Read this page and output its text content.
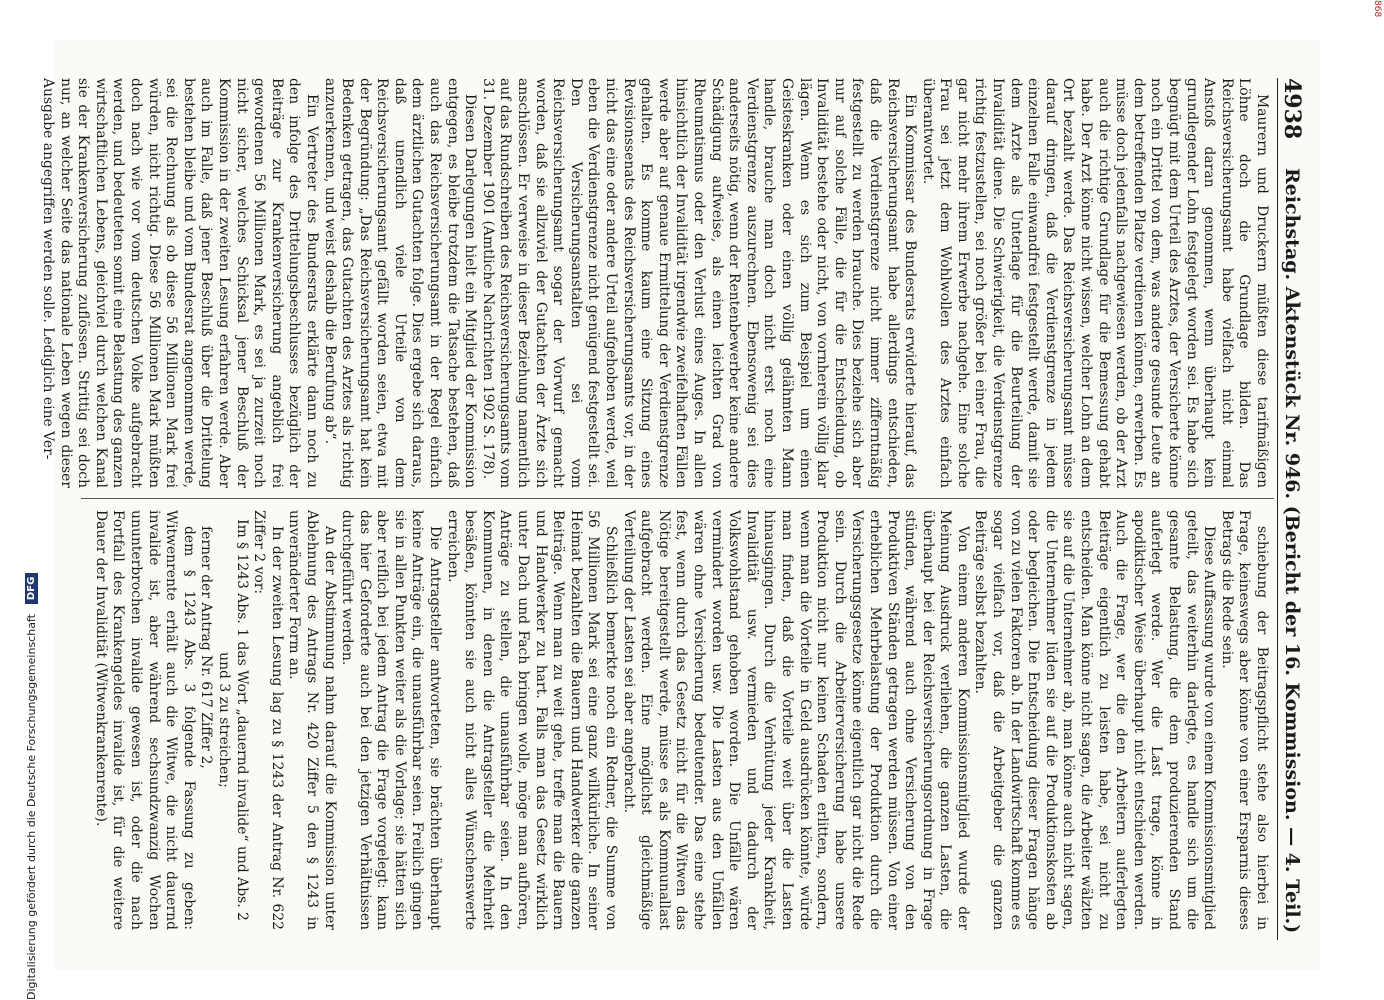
4938
Reichstag. Aktenstück Nr. 946. (Bericht der 16. Kommission. — 4. Teil.)

Maurern und Druckern müßten diese tarifmäßigen Löhne doch die Grundlage bilden. Das Reichsversicherungsamt habe vielfach nicht einmal Anstoß daran genommen, wenn überhaupt kein grundlegender Lohn festgelegt worden sei. Es habe sich begnügt mit dem Urteil des Arztes, der Versicherte könne noch ein Drittel von dem, was andere gesunde Leute an dem betreffenden Platze verdienen können, erwerben. Es müsse doch jedenfalls nachgewiesen werden, ob der Arzt auch die richtige Grundlage für die Bemessung gehabt habe. Der Arzt könne nicht wissen, welcher Lohn an dem Ort bezahlt werde. Das Reichsversicherungsamt müsse darauf dringen, daß die Verdienstgrenze in jedem einzelnen Falle einwandfrei festgestellt werde, damit sie dem Arzte als Unterlage für die Beurteilung der Invalidität diene. Die Schwierigkeit, die Verdienstgrenze richtig festzustellen, sei noch größer bei einer Frau, die gar nicht mehr ihrem Erwerbe nachgehe. Eine solche Frau sei jetzt dem Wohlwollen des Arztes einfach überantwortet.

Ein Kommissar des Bundesrats erwiderte hierauf, das Reichsversicherungsamt habe allerdings entschieden, daß die Verdienstgrenze nicht immer zifferntnäßig festgestellt zu werden brauche. Dies beziehe sich aber nur auf solche Fälle, die für die Entscheidung, ob Invalidität bestehe oder nicht, von vornherein völlig klar lägen. Wenn es sich zum Beispiel um einen Geisteskranken oder einen völlig gelähmten Mann handle, brauche man doch nicht erst noch eine Verdienstgrenze auszurechnen. Ebensowenig sei dies anderseits nötig, wenn der Rentenbewerber keine andere Schädigung aufweise, als einen leichten Grad von Rheumatismus oder den Verlust eines Auges. In allen hinsichtlich der Invalidität irgendwie zweifelhaften Fällen werde aber auf genaue Ermittelung der Verdienstgrenze gehalten. Es komme kaum eine Sitzung eines Revisionssenats des Reichsversicherungsamts vor, in der nicht das eine oder andere Urteil aufgehoben werde, weil eben die Verdienstgrenze nicht genügend festgestellt sei. Den Versicherungsanstalten sei vom Reichsversicherungsamt sogar der Vorwurf gemacht worden, daß sie allzuviel der Gutachten der Ärzte sich anschlössen. Er verweise in dieser Beziehung namentlich auf das Rundschreiben des Reichsversicherungsamts vom 31. Dezember 1901 (Amtliche Nachrichten 1902 S. 178).

Diesen Darlegungen hielt ein Mitglied der Kommission entgegen, es bleibe trotzdem die Tatsache bestehen, daß auch das Reichsversicherungsamt in der Regel einfach dem ärztlichen Gutachten folge. Dies ergebe sich daraus, daß unendlich viele Urteile von dem Reichsversicherungsamt gefällt worden seien, etwa mit der Begründung: „Das Reichsversicherungsamt hat kein Bedenken getragen, das Gutachten des Arztes als richtig anzuerkennen, und weist deshalb die Berufung ab“.

Ein Vertreter des Bundesrats erklärte dann noch zu den infolge des Drittelungsbeschlusses bezüglich der Beiträge zur Krankenversicherung angeblich frei gewordenen 56 Millionen Mark, es sei ja zurzeit noch nicht sicher, welches Schicksal jener Beschluß der Kommission in der zweiten Lesung erfahren werde. Aber auch im Falle, daß jener Beschluß über die Drittelung bestehen bleibe und vom Bundesrat angenommen werde, sei die Rechnung als ob diese 56 Millionen Mark frei würden, nicht richtig. Diese 56 Millionen Mark müßten doch nach wie vor vom deutschen Volke aufgebracht werden, und bedeuteten somit eine Belastung des ganzen wirtschaftlichen Lebens, gleichviel durch welchen Kanal sie der Krankenversicherung zuflössen. Strittig sei doch nur, an welcher Seite das nationale Leben wegen dieser Ausgabe angegriffen werden solle. Lediglich eine Ver-

schiebung der Beitragspflicht stehe also hierbei in Frage, keineswegs aber könne von einer Ersparnis dieses Betrags die Rede sein.

Diese Auffassung wurde von einem Kommissionsmitglied geteilt, das weiterhin darlegte, es handle sich um die gesamte Belastung, die dem produzierenden Stand auferlegt werde. Wer die Last trage, könne in apodiktischer Weise überhaupt nicht entschieden werden. Auch die Frage, wer die den Arbeitern auferlegten Beiträge eigentlich zu leisten habe, sei nicht zu entscheiden. Man könne nicht sagen, die Arbeiter wälzten sie auf die Unternehmer ab, man könne auch nicht sagen, die Unternehmer lüden sie auf die Produktionskosten ab oder begleichen. Die Entscheidung dieser Fragen hänge von zu vielen Faktoren ab. In der Landwirtschaft komme es sogar vielfach vor, daß die Arbeitgeber die ganzen Beiträge selbst bezahlten.

Von einem anderen Kommissionsmitglied wurde der Meinung Ausdruck verliehen, die ganzen Lasten, die überhaupt bei der Reichsversicherungsordnung in Frage stünden, während auch ohne Versicherung von den Produktiven Ständen getragen werden müssen. Von einer erheblichen Mehrbelastung der Produktion durch die Versicherungsgesetze könne eigentlich gar nicht die Rede sein. Durch die Arbeiterversicherung habe unsere Produktion nicht nur keinen Schaden erlitten, sondern, wenn man die Vorteile in Geld ausdrücken könnte, würde man finden, daß die Vorteile weit über die Lasten hinausgingen. Durch die Verhütung jeder Krankheit, Invalidität usw. vermieden und dadurch der Volkswohlstand gehoben worden. Die Unfälle wären vermindert worden usw. Die Lasten aus den Unfällen wären ohne Versicherung bedeutender. Das eine stehe fest, wenn durch das Gesetz nicht für die Witwen das Nötige bereitgestellt werde, müsse es als Kommunallast aufgebracht werden. Eine möglichst gleichmäßige Verteilung der Lasten sei aber angebracht.

Schließlich bemerkte noch ein Redner, die Summe von 56 Millionen Mark sei eine ganz willkürliche. In seiner Heimat bezahlten die Bauern und Handwerker die ganzen Beiträge. Wenn man zu weit gehe, treffe man die Bauern und Handwerker zu hart. Falls man das Gesetz wirklich unter Dach und Fach bringen wolle, möge man aufhören, Anträge zu stellen, die unausführbar seien. In den Kommunen, in denen die Antragsteller die Mehrheit besäßen, könnten sie auch nicht alles Wünschenswerte erreichen.

Die Antragsteller antworteten, sie brächten überhaupt keine Anträge ein, die unausführbar seien. Freilich gingen sie in allen Punkten weiter als die Vorlage; sie hätten sich aber reiflich bei jedem Antrag die Frage vorgelegt: kann das hier Geforderte auch bei den jetzigen Verhältnissen durchgeführt werden.

An der Abstimmung nahm darauf die Kommission unter Ablehnung des Antrags Nr. 420 Ziffer 5 den § 1243 in unveränderter Form an.

In der zweiten Lesung lag zu § 1243 der Antrag Nr. 622 Ziffer 2 vor:

Im § 1243 Abs. 1 das Wort „dauernd invalide“ und Abs. 2 und 3 zu streichen;

ferner der Antrag Nr. 617 Ziffer 2,

dem § 1243 Abs. 3 folgende Fassung zu geben: Witwenrente erhält auch die Witwe, die nicht dauernd invalide ist, aber während sechsundzwanzig Wochen ununterbrochen invalide gewesen ist, oder die nach Fortfall des Krankengeldes invalide ist, für die weitere Dauer der Invalidität (Witwenkrankenrente).

Digitalisierung gefördert durch die Deutsche Forschungsgemeinschaft
DFG
868
